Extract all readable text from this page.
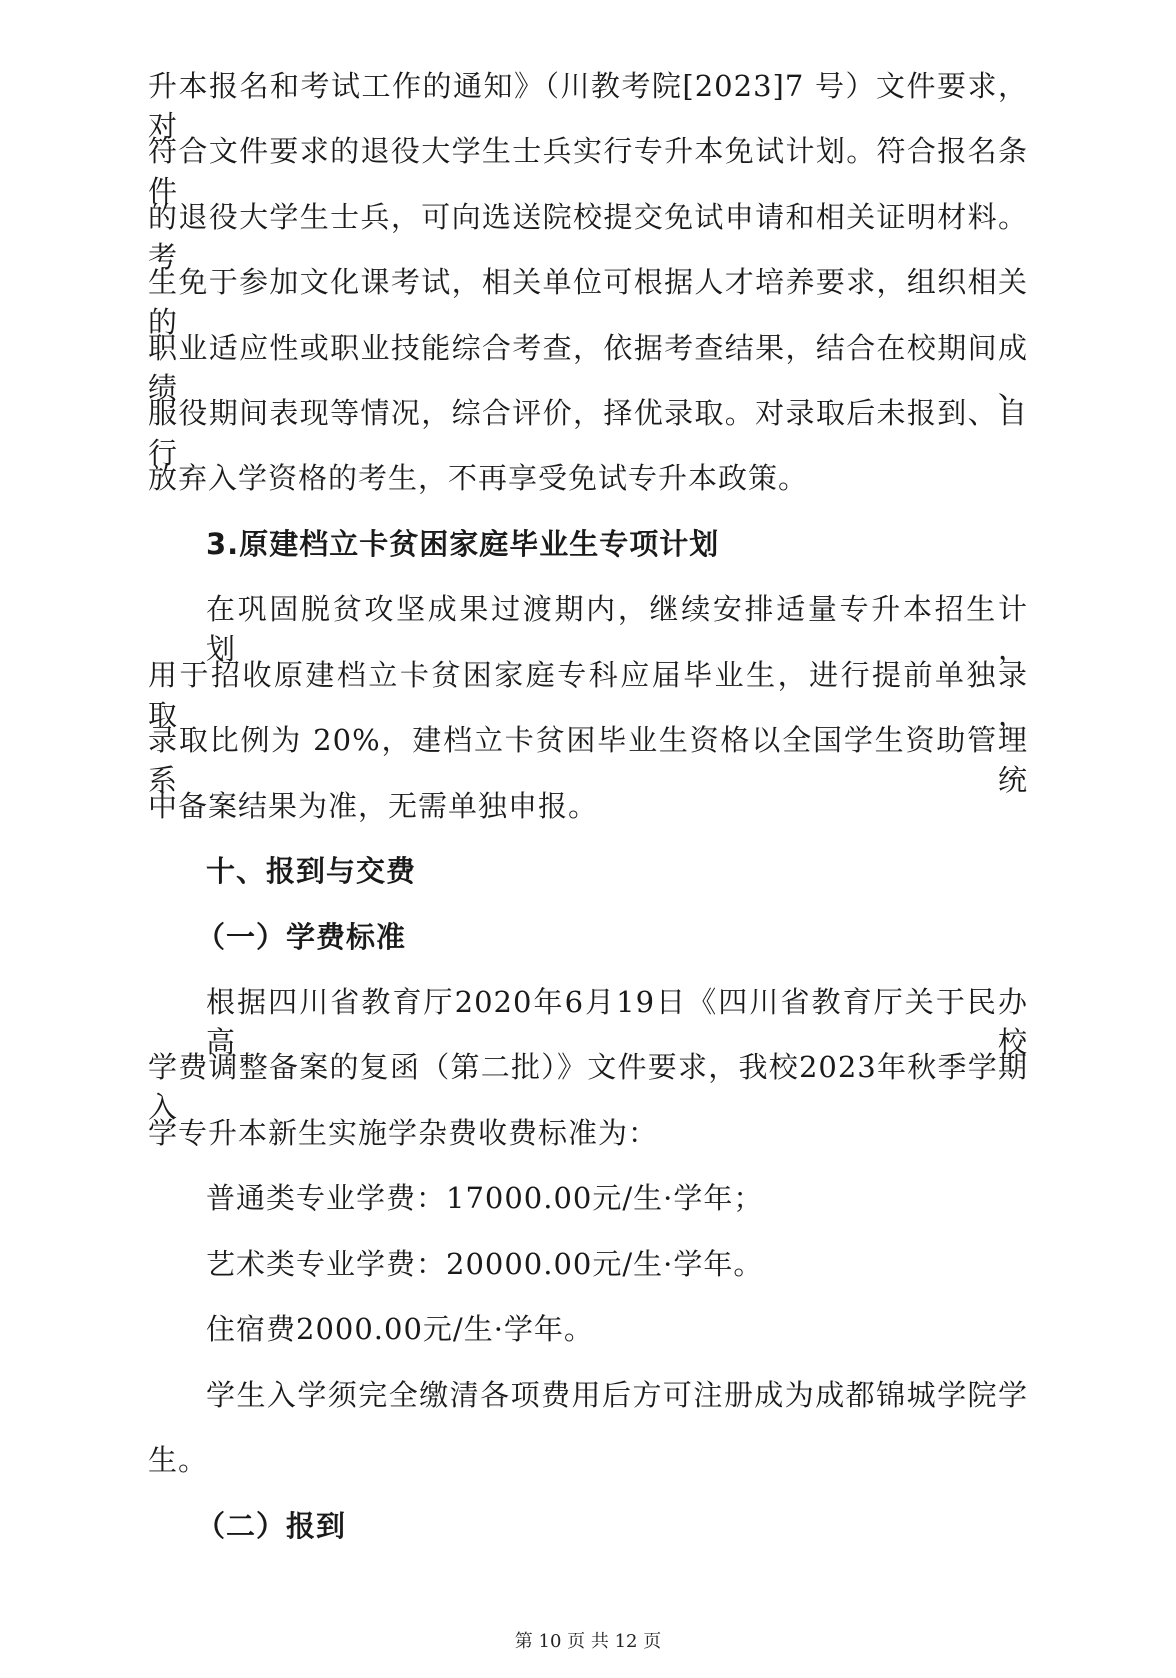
升本报名和考试工作的通知》（川教考院[2023]7 号）文件要求，对
符合文件要求的退役大学生士兵实行专升本免试计划。符合报名条件
的退役大学生士兵，可向选送院校提交免试申请和相关证明材料。考
生免于参加文化课考试，相关单位可根据人才培养要求，组织相关的
职业适应性或职业技能综合考查，依据考查结果，结合在校期间成绩、
服役期间表现等情况，综合评价，择优录取。对录取后未报到、自行
放弃入学资格的考生，不再享受免试专升本政策。
3.原建档立卡贫困家庭毕业生专项计划
在巩固脱贫攻坚成果过渡期内，继续安排适量专升本招生计划，
用于招收原建档立卡贫困家庭专科应届毕业生，进行提前单独录取，
录取比例为 20%，建档立卡贫困毕业生资格以全国学生资助管理系统
中备案结果为准，无需单独申报。
十、报到与交费
（一）学费标准
根据四川省教育厅2020年6月19日《四川省教育厅关于民办高校
学费调整备案的复函（第二批）》文件要求，我校2023年秋季学期入
学专升本新生实施学杂费收费标准为：
普通类专业学费：17000.00元/生·学年；
艺术类专业学费：20000.00元/生·学年。
住宿费2000.00元/生·学年。
学生入学须完全缴清各项费用后方可注册成为成都锦城学院学
生。
（二）报到
第 10 页 共 12 页
